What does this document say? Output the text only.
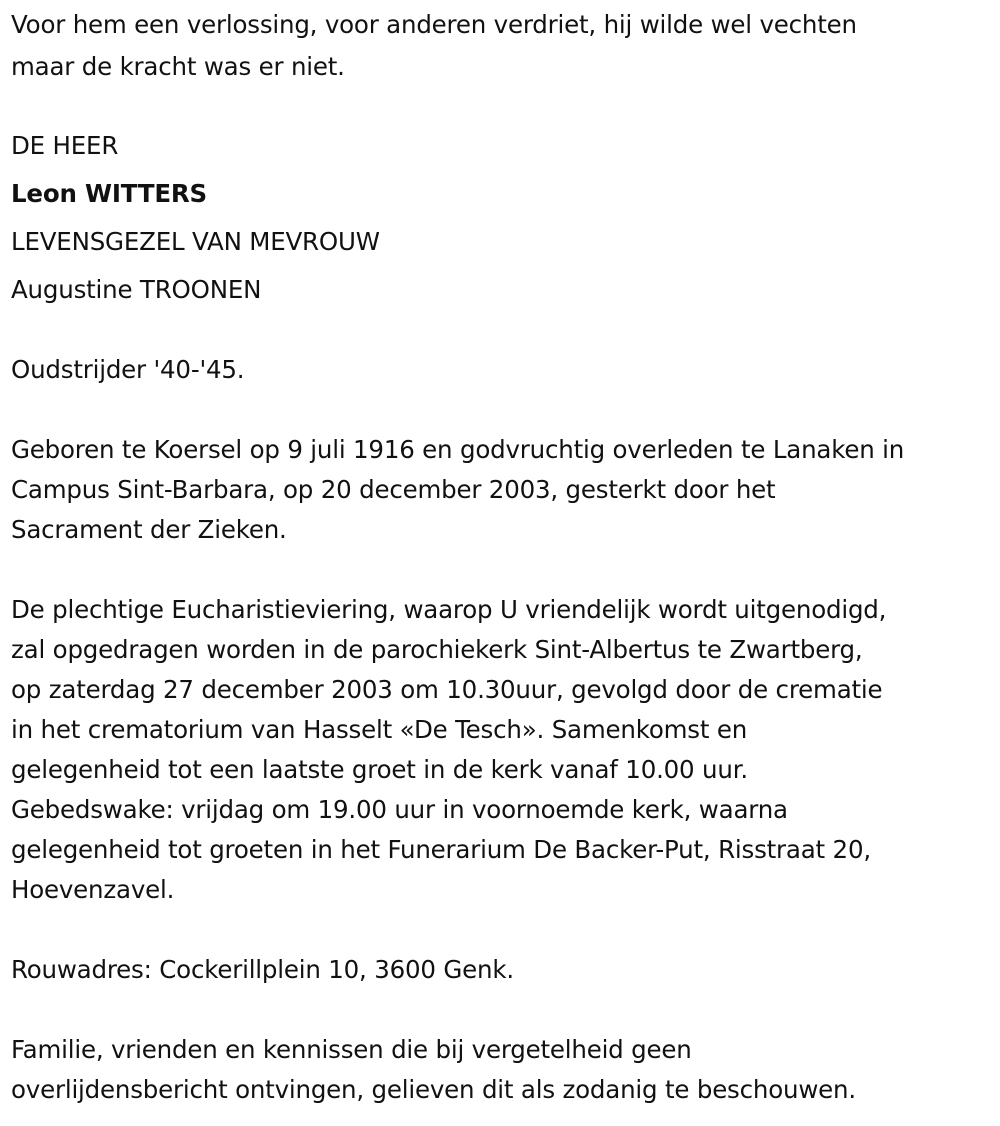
Voor hem een verlossing, voor anderen verdriet, hij wilde wel vechten
maar de kracht was er niet.
DE HEER
Leon WITTERS
LEVENSGEZEL VAN MEVROUW
Augustine TROONEN
Oudstrijder '40-'45.
Geboren te Koersel op 9 juli 1916 en godvruchtig overleden te Lanaken in
Campus Sint-Barbara, op 20 december 2003, gesterkt door het
Sacrament der Zieken.
De plechtige Eucharistieviering, waarop U vriendelijk wordt uitgenodigd,
zal opgedragen worden in de parochiekerk Sint-Albertus te Zwartberg,
op zaterdag 27 december 2003 om 10.30uur, gevolgd door de crematie
in het crematorium van Hasselt «De Tesch». Samenkomst en
gelegenheid tot een laatste groet in de kerk vanaf 10.00 uur.
Gebedswake: vrijdag om 19.00 uur in voornoemde kerk, waarna
gelegenheid tot groeten in het Funerarium De Backer-Put, Risstraat 20,
Hoevenzavel.
Rouwadres: Cockerillplein 10, 3600 Genk.
Familie, vrienden en kennissen die bij vergetelheid geen
overlijdensbericht ontvingen, gelieven dit als zodanig te beschouwen.
